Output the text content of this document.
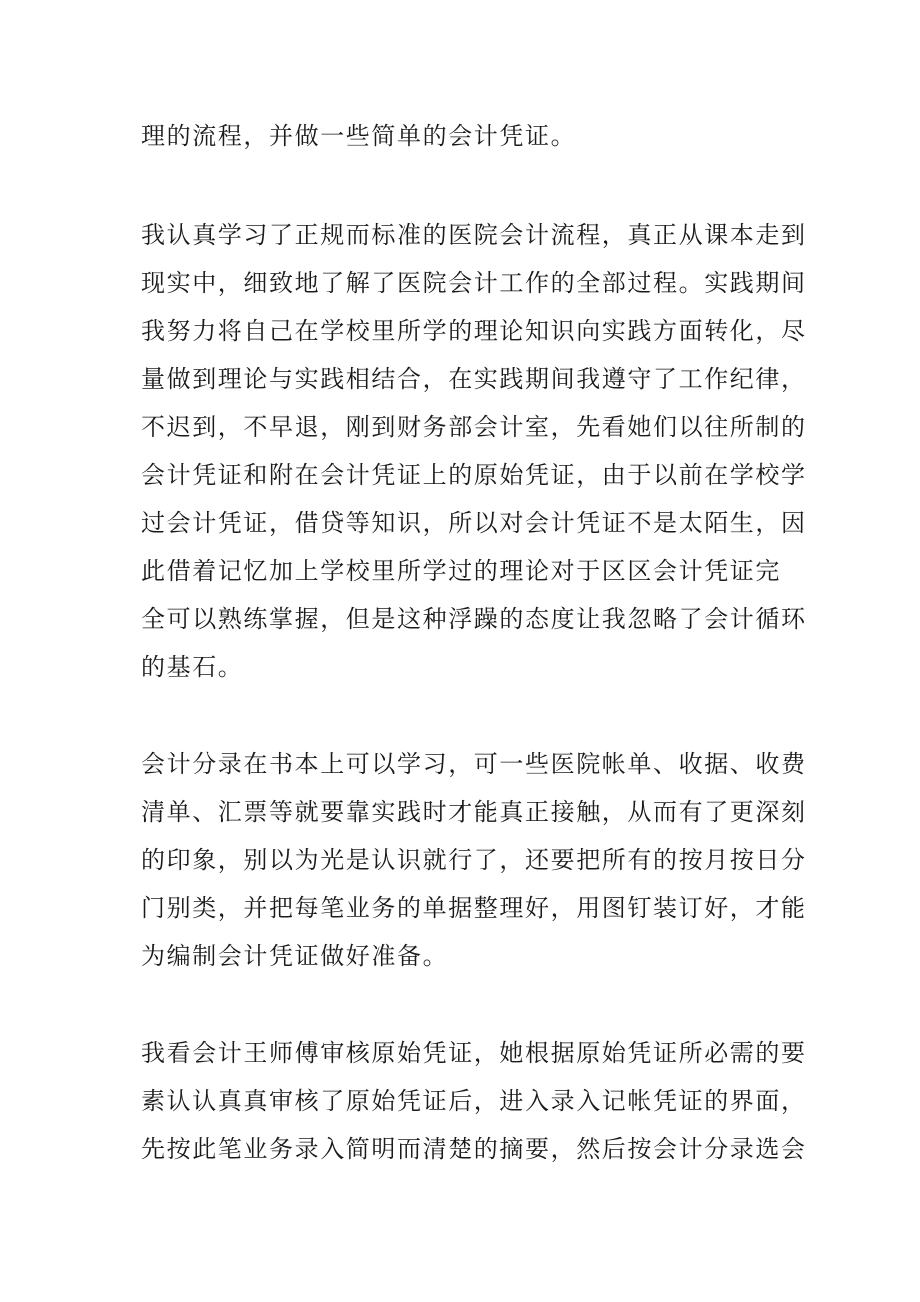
理的流程，并做一些简单的会计凭证。

我认真学习了正规而标准的医院会计流程，真正从课本走到
现实中，细致地了解了医院会计工作的全部过程。实践期间
我努力将自己在学校里所学的理论知识向实践方面转化，尽
量做到理论与实践相结合，在实践期间我遵守了工作纪律，
不迟到，不早退，刚到财务部会计室，先看她们以往所制的
会计凭证和附在会计凭证上的原始凭证，由于以前在学校学
过会计凭证，借贷等知识，所以对会计凭证不是太陌生，因
此借着记忆加上学校里所学过的理论对于区区会计凭证完
全可以熟练掌握，但是这种浮躁的态度让我忽略了会计循环
的基石。

会计分录在书本上可以学习，可一些医院帐单、收据、收费
清单、汇票等就要靠实践时才能真正接触，从而有了更深刻
的印象，别以为光是认识就行了，还要把所有的按月按日分
门别类，并把每笔业务的单据整理好，用图钉装订好，才能
为编制会计凭证做好准备。

我看会计王师傅审核原始凭证，她根据原始凭证所必需的要
素认认真真审核了原始凭证后，进入录入记帐凭证的界面，
先按此笔业务录入简明而清楚的摘要，然后按会计分录选会
